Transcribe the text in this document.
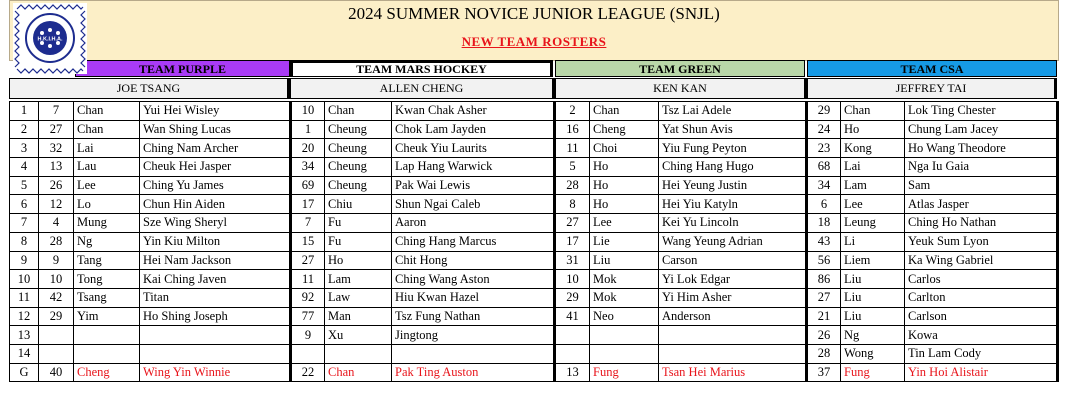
2024 SUMMER NOVICE JUNIOR LEAGUE (SNJL)
NEW TEAM ROSTERS
H.K.I.H.A.
TEAM PURPLE	TEAM MARS HOCKEY	TEAM GREEN	TEAM CSA
JOE TSANG	ALLEN CHENG	KEN KAN	JEFFREY TAI
1	7	Chan	Yui Hei Wisley	10	Chan	Kwan Chak Asher	2	Chan	Tsz Lai Adele	29	Chan	Lok Ting Chester
2	27	Chan	Wan Shing Lucas	1	Cheung	Chok Lam Jayden	16	Cheng	Yat Shun Avis	24	Ho	Chung Lam Jacey
3	32	Lai	Ching Nam Archer	20	Cheung	Cheuk Yiu Laurits	11	Choi	Yiu Fung Peyton	23	Kong	Ho Wang Theodore
4	13	Lau	Cheuk Hei Jasper	34	Cheung	Lap Hang Warwick	5	Ho	Ching Hang Hugo	68	Lai	Nga Iu Gaia
5	26	Lee	Ching Yu James	69	Cheung	Pak Wai Lewis	28	Ho	Hei Yeung Justin	34	Lam	Sam
6	12	Lo	Chun Hin Aiden	17	Chiu	Shun Ngai Caleb	8	Ho	Hei Yiu Katyln	6	Lee	Atlas Jasper
7	4	Mung	Sze Wing Sheryl	7	Fu	Aaron	27	Lee	Kei Yu Lincoln	18	Leung	Ching Ho Nathan
8	28	Ng	Yin Kiu Milton	15	Fu	Ching Hang Marcus	17	Lie	Wang Yeung Adrian	43	Li	Yeuk Sum Lyon
9	9	Tang	Hei Nam Jackson	27	Ho	Chit Hong	31	Liu	Carson	56	Liem	Ka Wing Gabriel
10	10	Tong	Kai Ching Javen	11	Lam	Ching Wang Aston	10	Mok	Yi Lok Edgar	86	Liu	Carlos
11	42	Tsang	Titan	92	Law	Hiu Kwan Hazel	29	Mok	Yi Him Asher	27	Liu	Carlton
12	29	Yim	Ho Shing Joseph	77	Man	Tsz Fung Nathan	41	Neo	Anderson	21	Liu	Carlson
13				9	Xu	Jingtong				26	Ng	Kowa
14										28	Wong	Tin Lam Cody
G	40	Cheng	Wing Yin Winnie	22	Chan	Pak Ting Auston	13	Fung	Tsan Hei Marius	37	Fung	Yin Hoi Alistair
